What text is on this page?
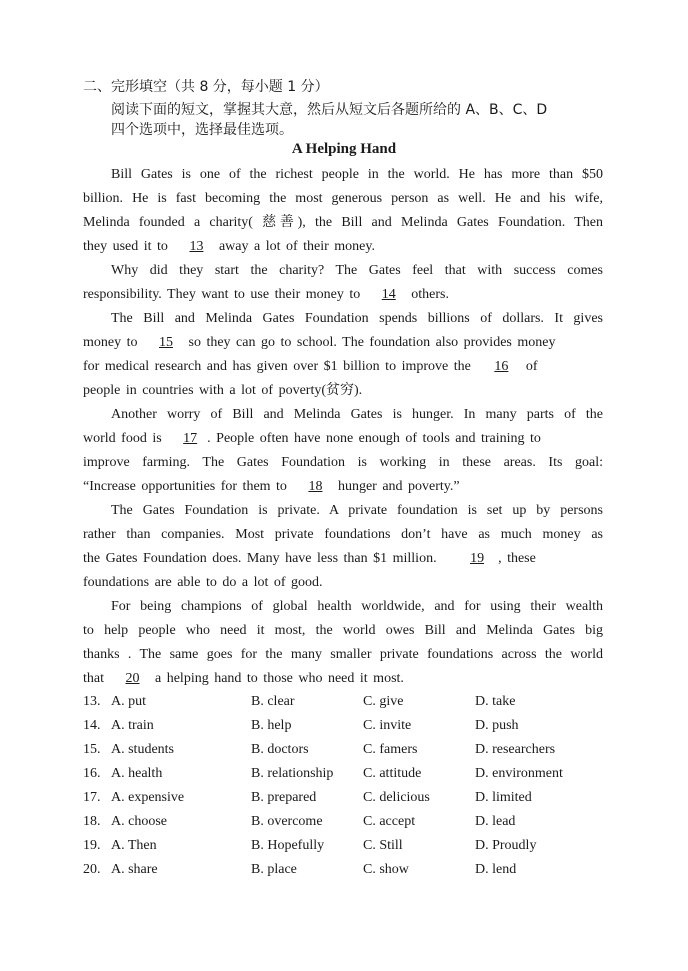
二、完形填空（共 8 分，每小题 1 分）
阅读下面的短文，掌握其大意，然后从短文后各题所给的 A、B、C、D
四个选项中，选择最佳选项。
A Helping Hand
Bill Gates is one of the richest people in the world. He has more than $50
billion. He is fast becoming the most generous person as well. He and his wife,
Melinda founded a charity( 慈善), the Bill and Melinda Gates Foundation. Then
they used it to 13 away a lot of their money.
Why did they start the charity? The Gates feel that with success comes
responsibility. They want to use their money to 14 others.
The Bill and Melinda Gates Foundation spends billions of dollars. It gives
money to 15 so they can go to school. The foundation also provides money
for medical research and has given over $1 billion to improve the 16 of
people in countries with a lot of poverty(贫穷).
Another worry of Bill and Melinda Gates is hunger. In many parts of the
world food is 17 . People often have none enough of tools and training to
improve farming. The Gates Foundation is working in these areas. Its goal:
“Increase opportunities for them to 18 hunger and poverty.”
The Gates Foundation is private. A private foundation is set up by persons
rather than companies. Most private foundations don’t have as much money as
the Gates Foundation does. Many have less than $1 million. 19 , these
foundations are able to do a lot of good.
For being champions of global health worldwide, and for using their wealth
to help people who need it most, the world owes Bill and Melinda Gates big
thanks . The same goes for the many smaller private foundations across the world
that 20 a helping hand to those who need it most.
13. A. put	B. clear	C. give	D. take
14. A. train	B. help	C. invite	D. push
15. A. students	B. doctors	C. famers	D. researchers
16. A. health	B. relationship C. attitude	D. environment
17. A. expensive	B. prepared	C. delicious	D. limited
18. A. choose	B. overcome	C. accept	D. lead
19. A. Then	B. Hopefully	C. Still	D. Proudly
20. A. share	B. place	C. show	D. lend
